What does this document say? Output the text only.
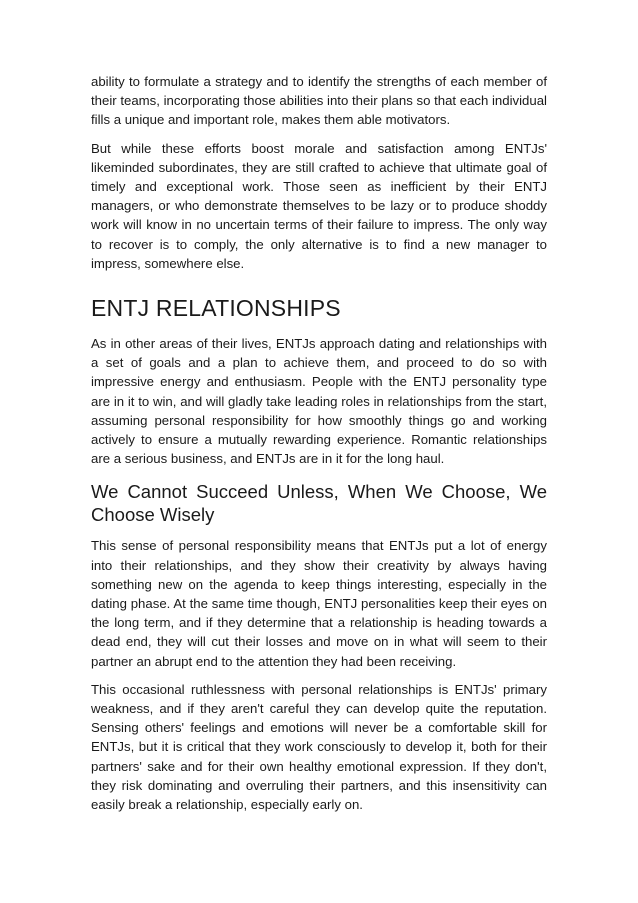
ability to formulate a strategy and to identify the strengths of each member of their teams, incorporating those abilities into their plans so that each individual fills a unique and important role, makes them able motivators.

But while these efforts boost morale and satisfaction among ENTJs' likeminded subordinates, they are still crafted to achieve that ultimate goal of timely and exceptional work. Those seen as inefficient by their ENTJ managers, or who demonstrate themselves to be lazy or to produce shoddy work will know in no uncertain terms of their failure to impress. The only way to recover is to comply, the only alternative is to find a new manager to impress, somewhere else.

ENTJ RELATIONSHIPS

As in other areas of their lives, ENTJs approach dating and relationships with a set of goals and a plan to achieve them, and proceed to do so with impressive energy and enthusiasm. People with the ENTJ personality type are in it to win, and will gladly take leading roles in relationships from the start, assuming personal responsibility for how smoothly things go and working actively to ensure a mutually rewarding experience. Romantic relationships are a serious business, and ENTJs are in it for the long haul.

We Cannot Succeed Unless, When We Choose, We Choose Wisely

This sense of personal responsibility means that ENTJs put a lot of energy into their relationships, and they show their creativity by always having something new on the agenda to keep things interesting, especially in the dating phase. At the same time though, ENTJ personalities keep their eyes on the long term, and if they determine that a relationship is heading towards a dead end, they will cut their losses and move on in what will seem to their partner an abrupt end to the attention they had been receiving.

This occasional ruthlessness with personal relationships is ENTJs' primary weakness, and if they aren't careful they can develop quite the reputation. Sensing others' feelings and emotions will never be a comfortable skill for ENTJs, but it is critical that they work consciously to develop it, both for their partners' sake and for their own healthy emotional expression. If they don't, they risk dominating and overruling their partners, and this insensitivity can easily break a relationship, especially early on.
